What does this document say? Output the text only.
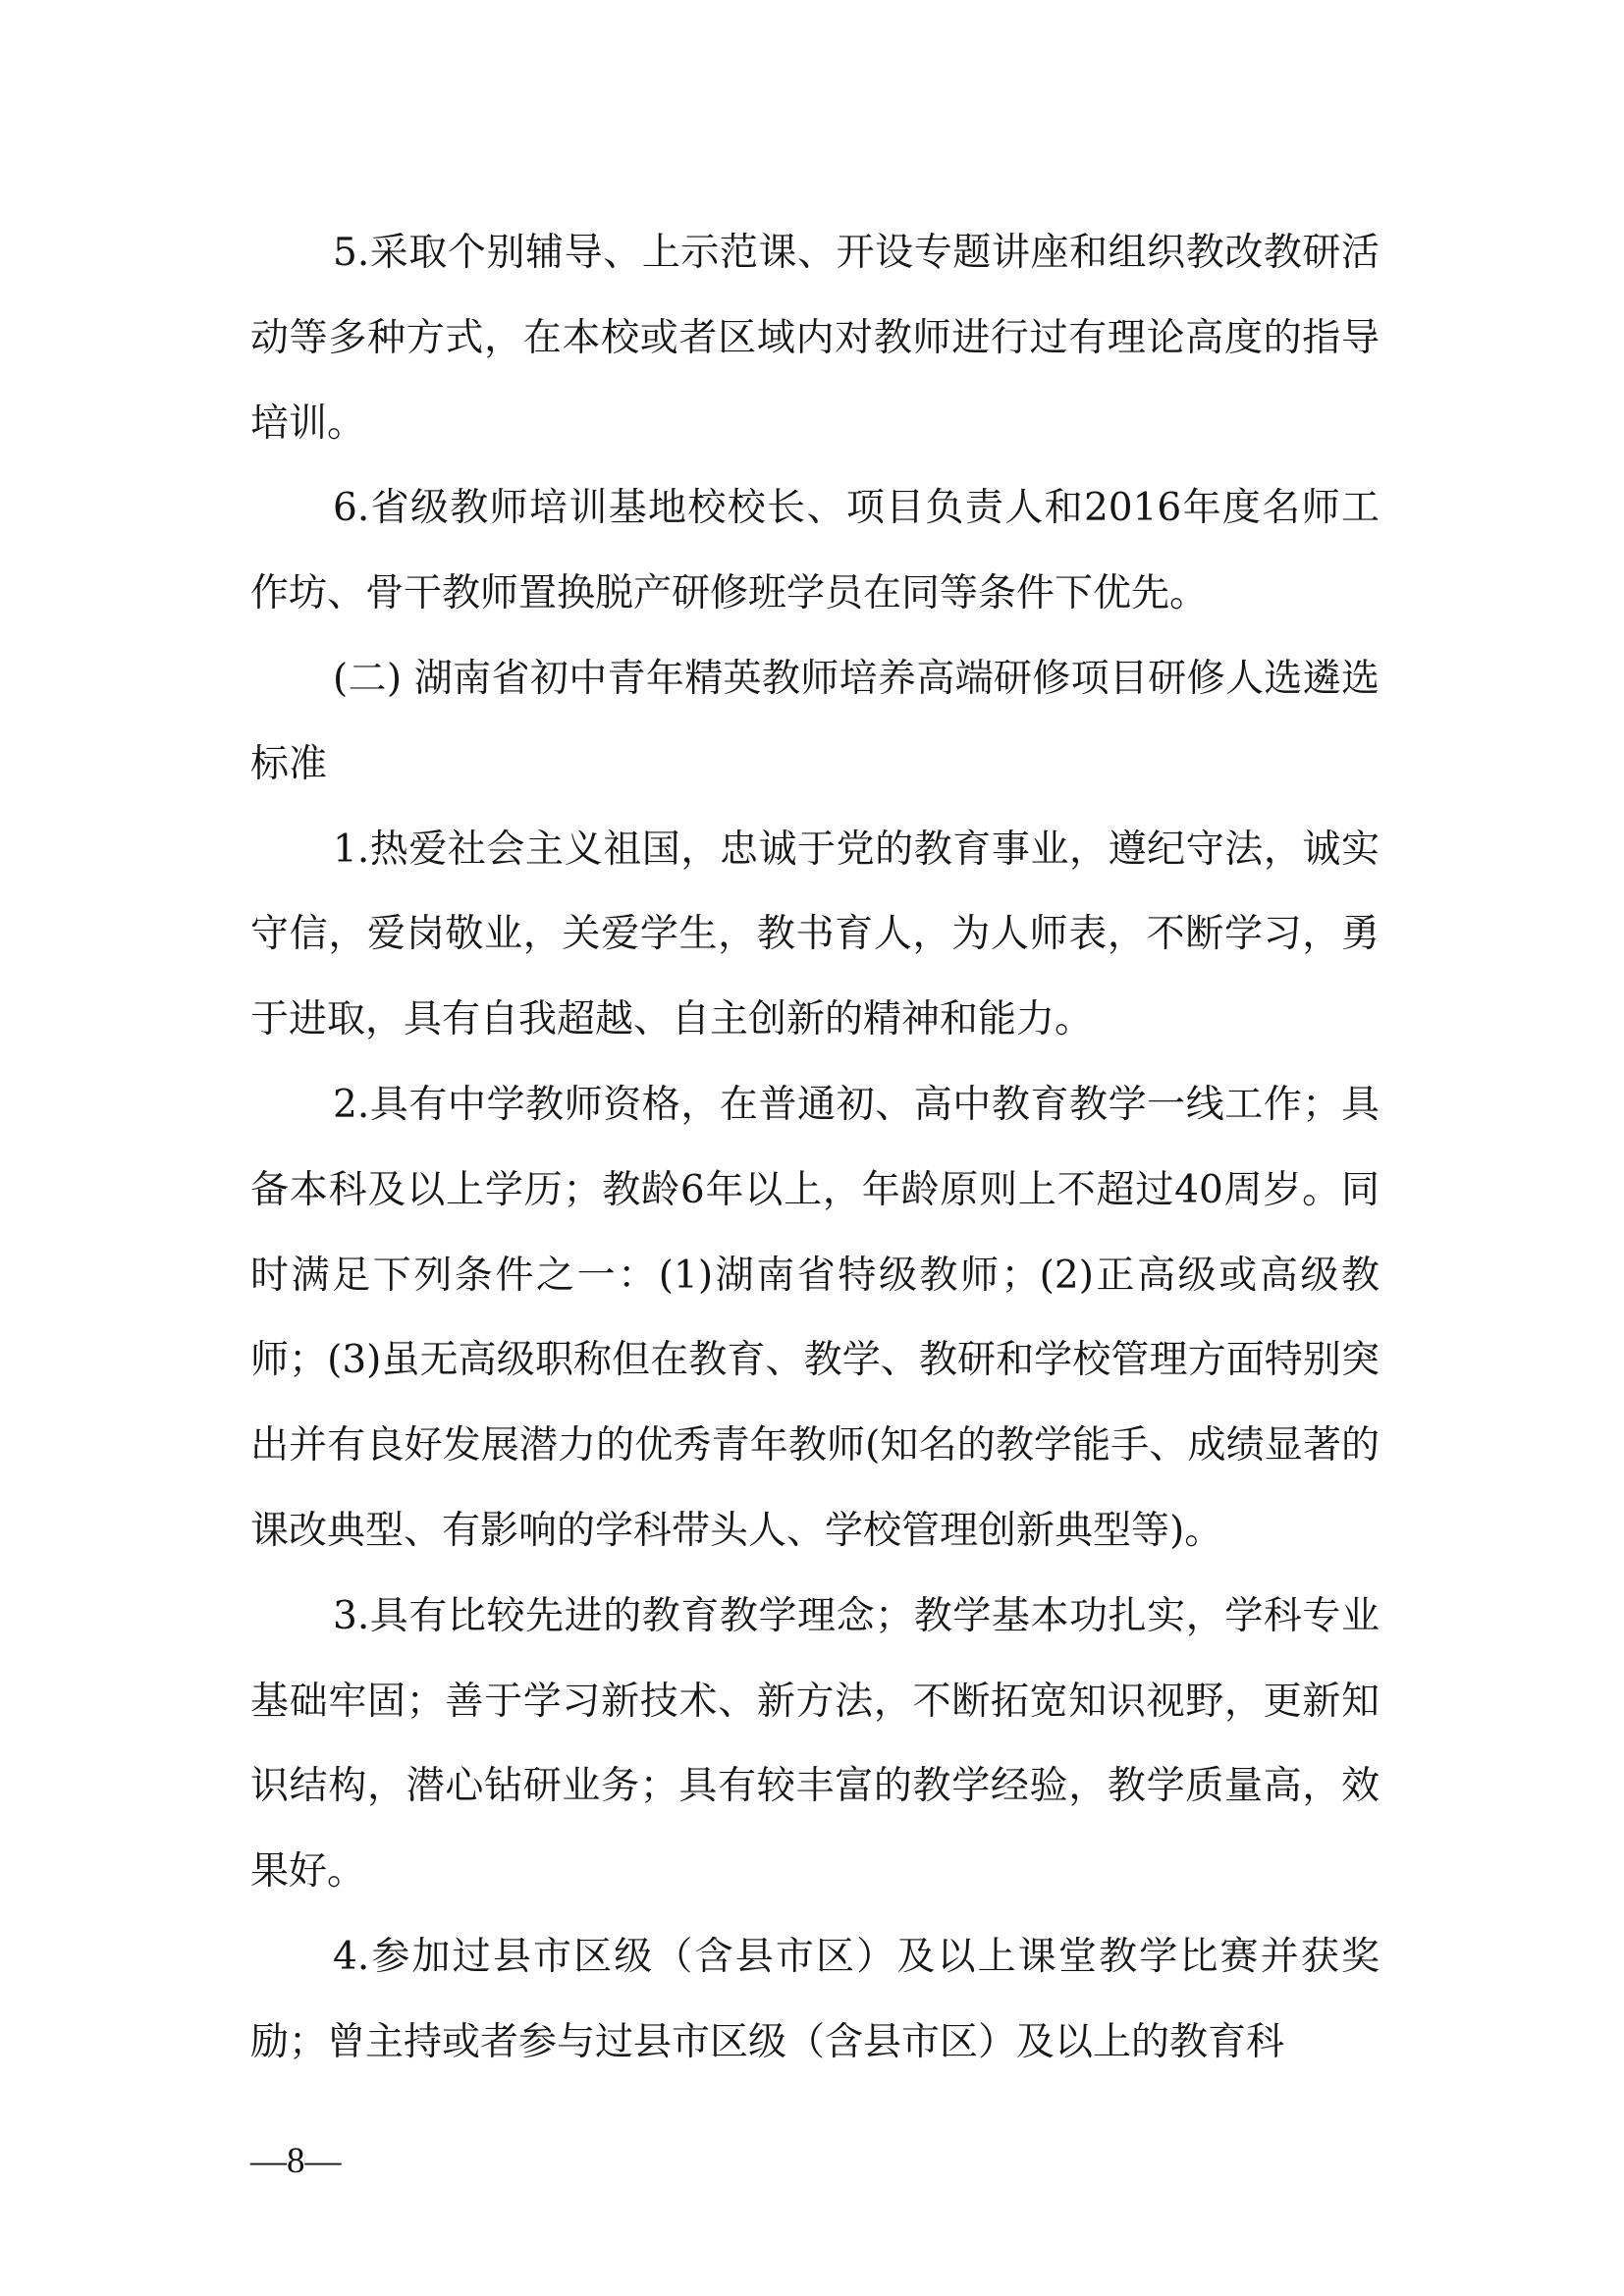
5.采取个别辅导、上示范课、开设专题讲座和组织教改教研活动等多种方式，在本校或者区域内对教师进行过有理论高度的指导培训。

6.省级教师培训基地校校长、项目负责人和2016年度名师工作坊、骨干教师置换脱产研修班学员在同等条件下优先。

(二) 湖南省初中青年精英教师培养高端研修项目研修人选遴选标准

1.热爱社会主义祖国，忠诚于党的教育事业，遵纪守法，诚实守信，爱岗敬业，关爱学生，教书育人，为人师表，不断学习，勇于进取，具有自我超越、自主创新的精神和能力。

2.具有中学教师资格，在普通初、高中教育教学一线工作；具备本科及以上学历；教龄6年以上，年龄原则上不超过40周岁。同时满足下列条件之一：(1)湖南省特级教师；(2)正高级或高级教师；(3)虽无高级职称但在教育、教学、教研和学校管理方面特别突出并有良好发展潜力的优秀青年教师(知名的教学能手、成绩显著的课改典型、有影响的学科带头人、学校管理创新典型等)。

3.具有比较先进的教育教学理念；教学基本功扎实，学科专业基础牢固；善于学习新技术、新方法，不断拓宽知识视野，更新知识结构，潜心钻研业务；具有较丰富的教学经验，教学质量高，效果好。

4.参加过县市区级（含县市区）及以上课堂教学比赛并获奖励；曾主持或者参与过县市区级（含县市区）及以上的教育科

—8—
